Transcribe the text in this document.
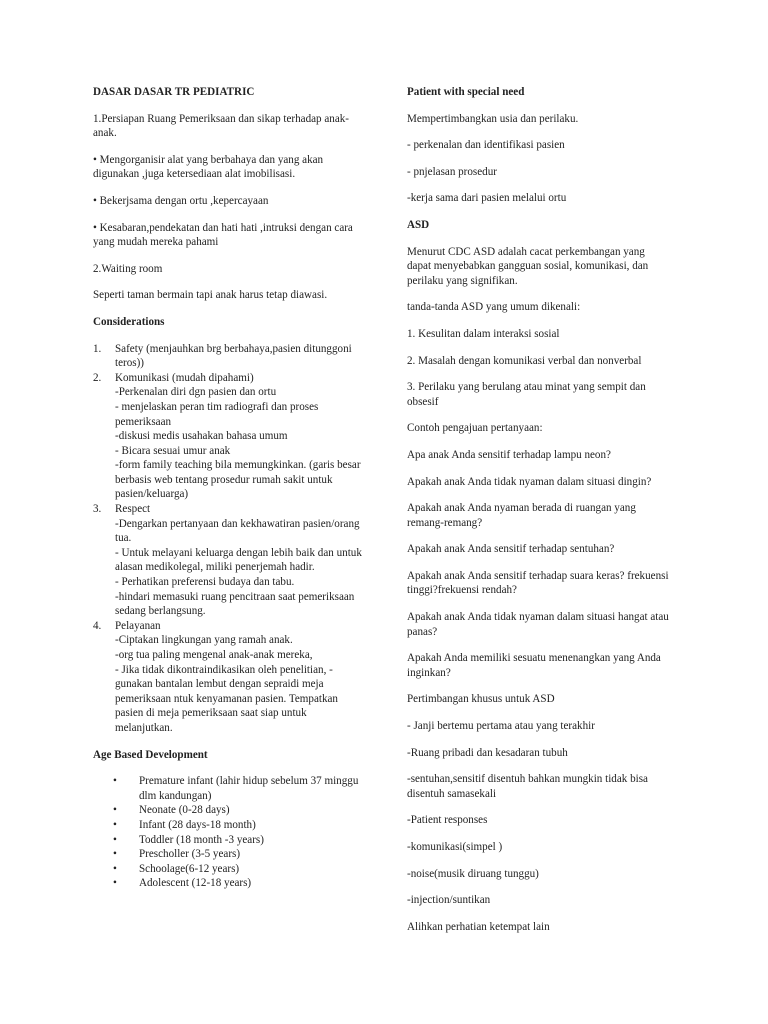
DASAR DASAR TR PEDIATRIC

1.Persiapan Ruang Pemeriksaan dan sikap terhadap anak-anak.

• Mengorganisir alat yang berbahaya dan yang akan digunakan ,juga ketersediaan alat imobilisasi.

• Bekerjsama dengan ortu ,kepercayaan

• Kesabaran,pendekatan dan hati hati ,intruksi dengan cara yang mudah mereka pahami

2.Waiting room

Seperti taman bermain tapi anak harus tetap diawasi.

Considerations

1.	Safety (menjauhkan brg berbahaya,pasien ditunggoni teros))
2.	Komunikasi (mudah dipahami)
-Perkenalan diri dgn pasien dan ortu
- menjelaskan peran tim radiografi dan proses pemeriksaan
-diskusi medis usahakan bahasa umum
- Bicara sesuai umur anak
-form family teaching bila memungkinkan. (garis besar berbasis web tentang prosedur rumah sakit untuk pasien/keluarga)
3.	Respect
-Dengarkan pertanyaan dan kekhawatiran pasien/orang tua.
- Untuk melayani keluarga dengan lebih baik dan untuk alasan medikolegal, miliki penerjemah hadir.
- Perhatikan preferensi budaya dan tabu.
-hindari memasuki ruang pencitraan saat pemeriksaan sedang berlangsung.
4.	Pelayanan
-Ciptakan lingkungan yang ramah anak.
-org tua paling mengenal anak-anak mereka,
- Jika tidak dikontraindikasikan oleh penelitian, -gunakan bantalan lembut dengan sepraidi meja pemeriksaan ntuk kenyamanan pasien. Tempatkan pasien di meja pemeriksaan saat siap untuk melanjutkan.

Age Based Development

•	Premature infant (lahir hidup sebelum 37 minggu dlm kandungan)
•	Neonate (0-28 days)
•	Infant (28 days-18 month)
•	Toddler (18 month -3 years)
•	Prescholler (3-5 years)
•	Schoolage(6-12 years)
•	Adolescent (12-18 years)

Patient with special need

Mempertimbangkan usia dan perilaku.

- perkenalan dan identifikasi pasien

- pnjelasan prosedur

-kerja sama dari pasien melalui ortu

ASD

Menurut CDC ASD adalah cacat perkembangan yang dapat menyebabkan gangguan sosial, komunikasi, dan perilaku yang signifikan.

tanda-tanda ASD yang umum dikenali:

1. Kesulitan dalam interaksi sosial

2. Masalah dengan komunikasi verbal dan nonverbal

3. Perilaku yang berulang atau minat yang sempit dan obsesif

Contoh pengajuan pertanyaan:

Apa anak Anda sensitif terhadap lampu neon?

Apakah anak Anda tidak nyaman dalam situasi dingin?

Apakah anak Anda nyaman berada di ruangan yang remang-remang?

Apakah anak Anda sensitif terhadap sentuhan?

Apakah anak Anda sensitif terhadap suara keras? frekuensi tinggi?frekuensi rendah?

Apakah anak Anda tidak nyaman dalam situasi hangat atau panas?

Apakah Anda memiliki sesuatu menenangkan yang Anda inginkan?

Pertimbangan khusus untuk ASD

- Janji bertemu pertama atau yang terakhir

-Ruang pribadi dan kesadaran tubuh

-sentuhan,sensitif disentuh bahkan mungkin tidak bisa disentuh samasekali

-Patient responses

-komunikasi(simpel )

-noise(musik diruang tunggu)

-injection/suntikan

Alihkan perhatian ketempat lain
